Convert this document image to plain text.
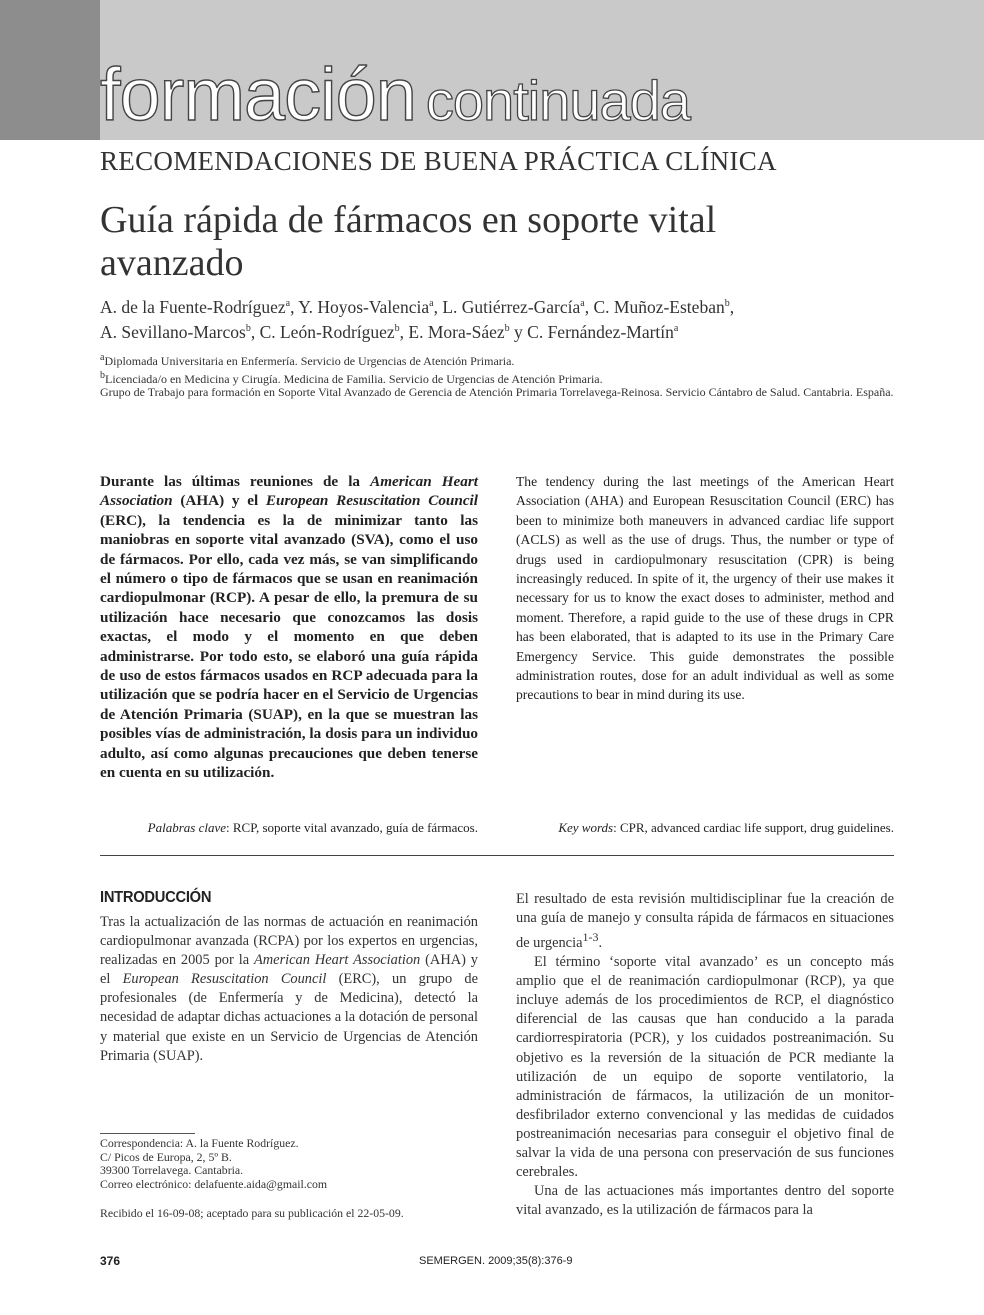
formación continuada
RECOMENDACIONES DE BUENA PRÁCTICA CLÍNICA
Guía rápida de fármacos en soporte vital avanzado
A. de la Fuente-Rodríguez$^a$, Y. Hoyos-Valencia$^a$, L. Gutiérrez-García$^a$, C. Muñoz-Esteban$^b$,
A. Sevillano-Marcos$^b$, C. León-Rodríguez$^b$, E. Mora-Sáez$^b$ y C. Fernández-Martín$^a$
$^a$Diplomada Universitaria en Enfermería. Servicio de Urgencias de Atención Primaria.
$^b$Licenciada/o en Medicina y Cirugía. Medicina de Familia. Servicio de Urgencias de Atención Primaria.
Grupo de Trabajo para formación en Soporte Vital Avanzado de Gerencia de Atención Primaria Torrelavega-Reinosa. Servicio Cántabro de Salud. Cantabria. España.
Durante las últimas reuniones de la American Heart Association (AHA) y el European Resuscitation Council (ERC), la tendencia es la de minimizar tanto las maniobras en soporte vital avanzado (SVA), como el uso de fármacos. Por ello, cada vez más, se van simplificando el número o tipo de fármacos que se usan en reanimación cardiopulmonar (RCP). A pesar de ello, la premura de su utilización hace necesario que conozcamos las dosis exactas, el modo y el momento en que deben administrarse. Por todo esto, se elaboró una guía rápida de uso de estos fármacos usados en RCP adecuada para la utilización que se podría hacer en el Servicio de Urgencias de Atención Primaria (SUAP), en la que se muestran las posibles vías de administración, la dosis para un individuo adulto, así como algunas precauciones que deben tenerse en cuenta en su utilización.
The tendency during the last meetings of the American Heart Association (AHA) and European Resuscitation Council (ERC) has been to minimize both maneuvers in advanced cardiac life support (ACLS) as well as the use of drugs. Thus, the number or type of drugs used in cardiopulmonary resuscitation (CPR) is being increasingly reduced. In spite of it, the urgency of their use makes it necessary for us to know the exact doses to administer, method and moment. Therefore, a rapid guide to the use of these drugs in CPR has been elaborated, that is adapted to its use in the Primary Care Emergency Service. This guide demonstrates the possible administration routes, dose for an adult individual as well as some precautions to bear in mind during its use.
Palabras clave: RCP, soporte vital avanzado, guía de fármacos.	Key words: CPR, advanced cardiac life support, drug guidelines.
INTRODUCCIÓN

Tras la actualización de las normas de actuación en reanimación cardiopulmonar avanzada (RCPA) por los expertos en urgencias, realizadas en 2005 por la American Heart Association (AHA) y el European Resuscitation Council (ERC), un grupo de profesionales (de Enfermería y de Medicina), detectó la necesidad de adaptar dichas actuaciones a la dotación de personal y material que existe en un Servicio de Urgencias de Atención Primaria (SUAP).

El resultado de esta revisión multidisciplinar fue la creación de una guía de manejo y consulta rápida de fármacos en situaciones de urgencia$^{1-3}$.

El término ‘soporte vital avanzado’ es un concepto más amplio que el de reanimación cardiopulmonar (RCP), ya que incluye además de los procedimientos de RCP, el diagnóstico diferencial de las causas que han conducido a la parada cardiorrespiratoria (PCR), y los cuidados postreanimación. Su objetivo es la reversión de la situación de PCR mediante la utilización de un equipo de soporte ventilatorio, la administración de fármacos, la utilización de un monitor-desfibrilador externo convencional y las medidas de cuidados postreanimación necesarias para conseguir el objetivo final de salvar la vida de una persona con preservación de sus funciones cerebrales.

Una de las actuaciones más importantes dentro del soporte vital avanzado, es la utilización de fármacos para la

Correspondencia: A. la Fuente Rodríguez.
C/ Picos de Europa, 2, 5º B.
39300 Torrelavega. Cantabria.
Correo electrónico: delafuente.aida@gmail.com
Recibido el 16-09-08; aceptado para su publicación el 22-05-09.
376	SEMERGEN. 2009;35(8):376-9
